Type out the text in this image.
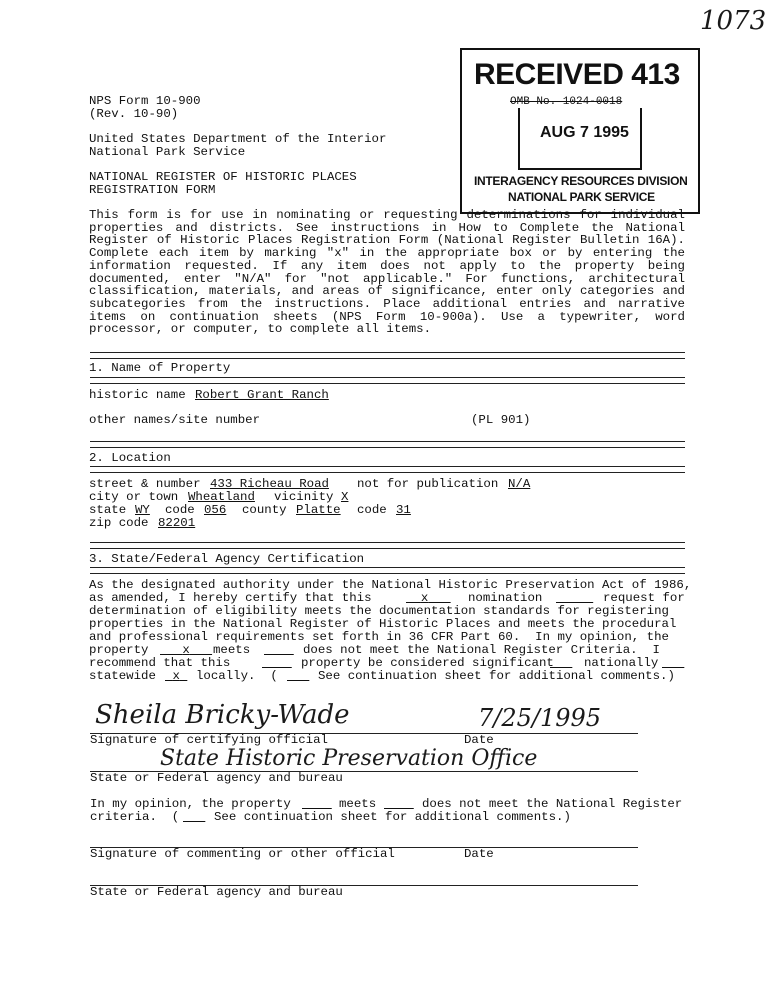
1073
RECEIVED 413
OMB No. 1024-0018
AUG 7 1995
INTERAGENCY RESOURCES DIVISION
NATIONAL PARK SERVICE
NPS Form 10-900
(Rev. 10-90)
United States Department of the Interior
National Park Service
NATIONAL REGISTER OF HISTORIC PLACES
REGISTRATION FORM
This form is for use in nominating or requesting determinations for individual properties and districts. See instructions in How to Complete the National Register of Historic Places Registration Form (National Register Bulletin 16A). Complete each item by marking "x" in the appropriate box or by entering the information requested. If any item does not apply to the property being documented, enter "N/A" for "not applicable." For functions, architectural classification, materials, and areas of significance, enter only categories and subcategories from the instructions. Place additional entries and narrative items on continuation sheets (NPS Form 10-900a). Use a typewriter, word processor, or computer, to complete all items.
1. Name of Property
historic name Robert Grant Ranch
other names/site number	(PL 901)
2. Location
street & number 433 Richeau Road not for publication N/A
city or town Wheatland vicinity X
state WY code 056 county Platte code 31
zip code 82201
3. State/Federal Agency Certification
As the designated authority under the National Historic Preservation Act of 1986,
as amended, I hereby certify that this	x	nomination
	request for
determination of eligibility meets the documentation standards for registering
properties in the National Register of Historic Places and meets the procedural
and professional requirements set forth in 36 CFR Part 60.  In my opinion, the
property	x	meets
	does not meet the National Register Criteria.  I
recommend that this
	property be considered significant
nationally

statewide	x	locally.  (
	See continuation sheet for additional comments.)
Sheila Bricky-Wade	7/25/1995
Signature of certifying official	Date
State Historic Preservation Office
State or Federal agency and bureau
In my opinion, the property
	meets
	does not meet the National Register
criteria.  (
	See continuation sheet for additional comments.)
Signature of commenting or other official	Date
State or Federal agency and bureau
